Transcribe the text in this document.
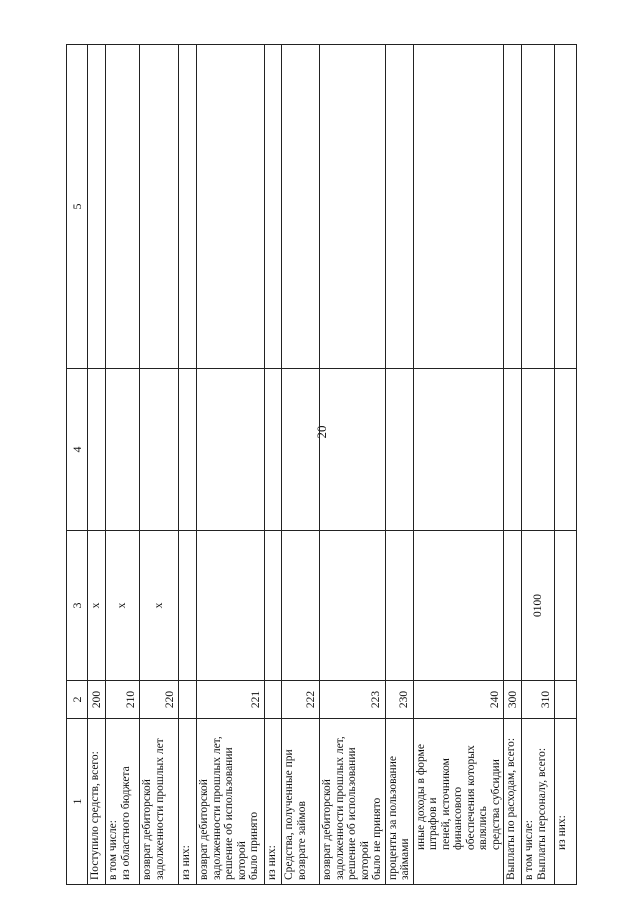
20
1	2	3	4	5
Поступило средств, всего:	200	x		
в том числе:
из областного бюджета	210	x		
возврат дебиторской
задолженности прошлых лет	220	x		
из них:				
возврат дебиторской
задолженности прошлых лет,
решение об использовании которой
было принято	221			
из них:				
Средства, полученные при
возврате займов	222			
возврат дебиторской
задолженности прошлых лет,
решение об использовании которой
было не принято	223			
проценты за пользование займами	230			
иные доходы в форме штрафов и
пеней, источником финансового
обеспечения которых являлись
средства субсидии	240			
Выплаты по расходам, всего:	300			
в том числе:
Выплаты персоналу, всего:	310	0100		
из них:				
